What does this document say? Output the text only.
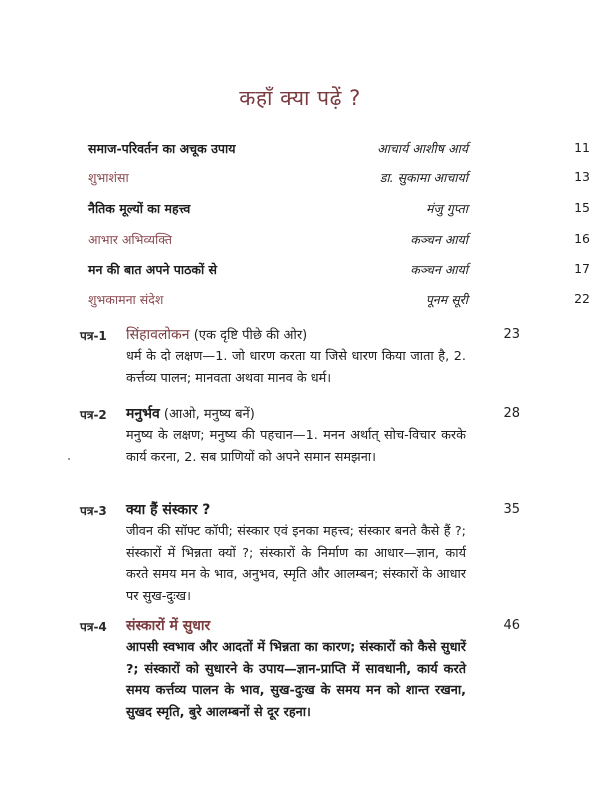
कहाँ क्या पढ़ें ?
समाज-परिवर्तन का अचूक उपाय	आचार्य आशीष आर्य	11
शुभाशंसा	डा. सुकामा आचार्या	13
नैतिक मूल्यों का महत्त्व	मंजु गुप्ता	15
आभार अभिव्यक्ति	कञ्चन आर्या	16
मन की बात अपने पाठकों से	कञ्चन आर्या	17
शुभकामना संदेश	पूनम सूरी	22
पत्र-1 सिंहावलोकन (एक दृष्टि पीछे की ओर)
धर्म के दो लक्षण—1. जो धारण करता या जिसे धारण किया जाता है, 2. कर्त्तव्य पालन; मानवता अथवा मानव के धर्म।
23
पत्र-2 मनुर्भव (आओ, मनुष्य बनें)
मनुष्य के लक्षण; मनुष्य की पहचान—1. मनन अर्थात् सोच-विचार करके कार्य करना, 2. सब प्राणियों को अपने समान समझना।
28
पत्र-3 क्या हैं संस्कार ?
जीवन की सॉफ्ट कॉपी; संस्कार एवं इनका महत्त्व; संस्कार बनते कैसे हैं ?; संस्कारों में भिन्नता क्यों ?; संस्कारों के निर्माण का आधार—ज्ञान, कार्य करते समय मन के भाव, अनुभव, स्मृति और आलम्बन; संस्कारों के आधार पर सुख-दुःख।
35
पत्र-4 संस्कारों में सुधार
आपसी स्वभाव और आदतों में भिन्नता का कारण; संस्कारों को कैसे सुधारें ?; संस्कारों को सुधारने के उपाय—ज्ञान-प्राप्ति में सावधानी, कार्य करते समय कर्त्तव्य पालन के भाव, सुख-दुःख के समय मन को शान्त रखना, सुखद स्मृति, बुरे आलम्बनों से दूर रहना।
46
